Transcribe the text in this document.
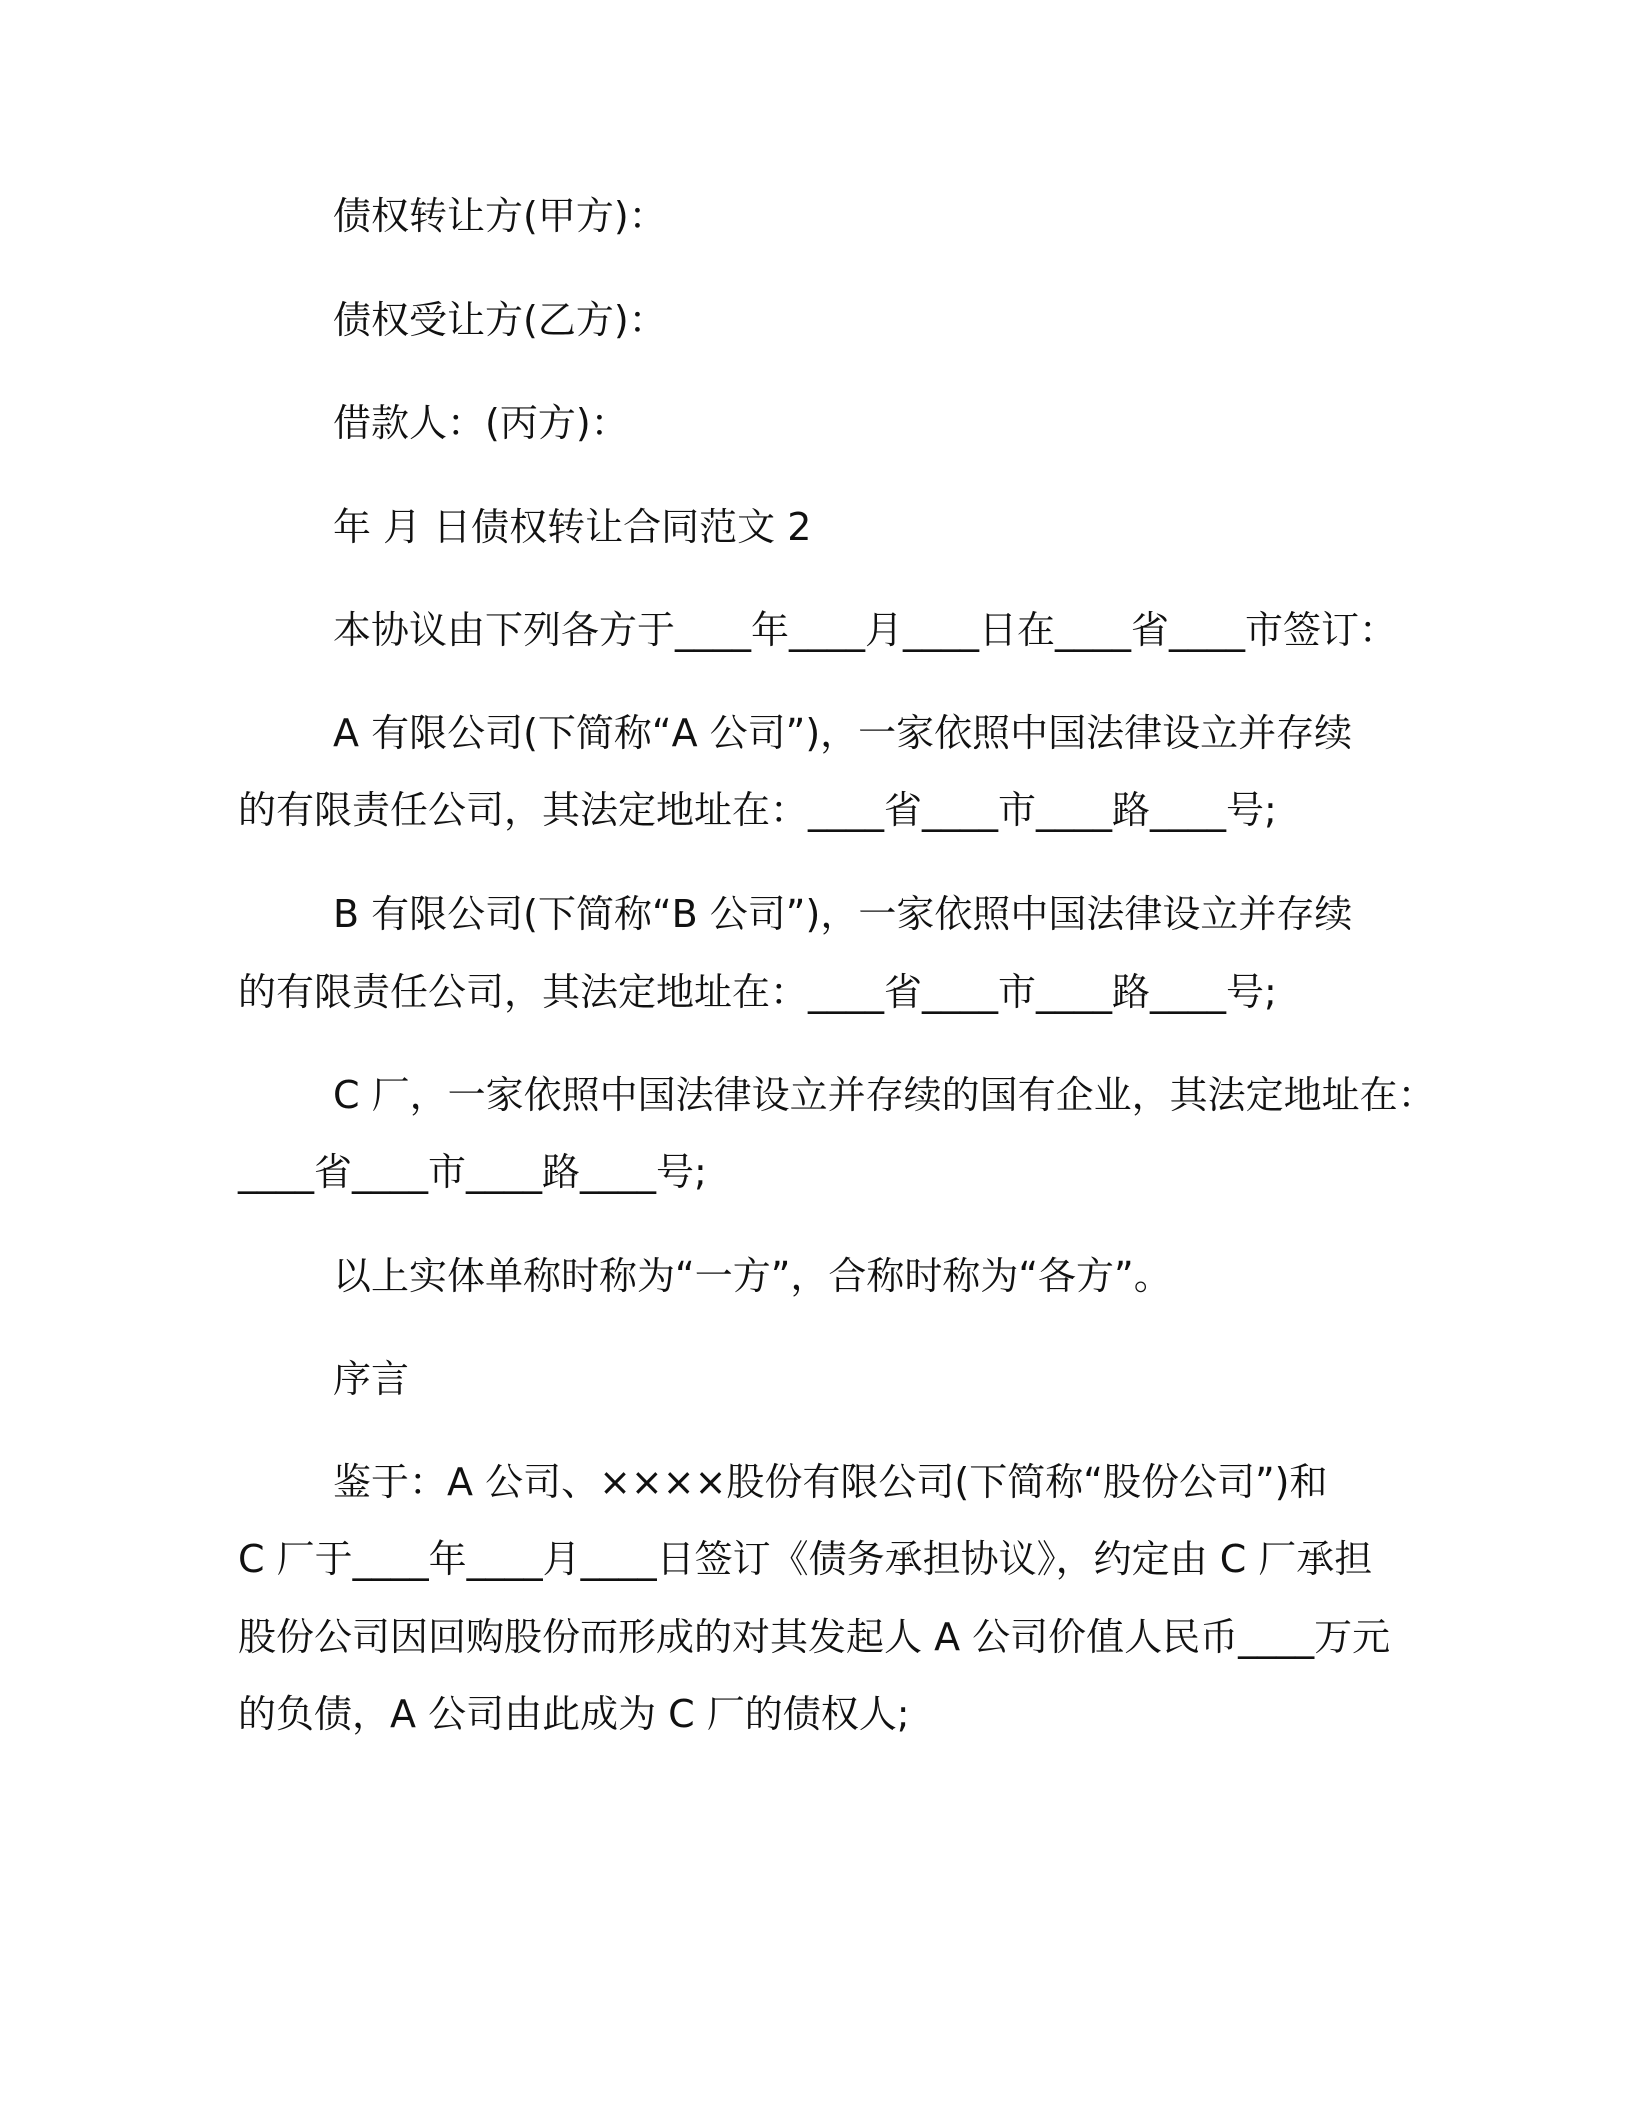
债权转让方(甲方)：

债权受让方(乙方)：

借款人：(丙方)：

年 月 日债权转让合同范文 2

本协议由下列各方于____年____月____日在____省____市签订：

A 有限公司(下简称“A 公司”)，一家依照中国法律设立并存续

的有限责任公司，其法定地址在：____省____市____路____号;

B 有限公司(下简称“B 公司”)，一家依照中国法律设立并存续

的有限责任公司，其法定地址在：____省____市____路____号;

C 厂，一家依照中国法律设立并存续的国有企业，其法定地址在：

____省____市____路____号;

以上实体单称时称为“一方”，合称时称为“各方”。

序言

鉴于：A 公司、××××股份有限公司(下简称“股份公司”)和

C 厂于____年____月____日签订《债务承担协议》，约定由 C 厂承担

股份公司因回购股份而形成的对其发起人 A 公司价值人民币____万元

的负债，A 公司由此成为 C 厂的债权人;
